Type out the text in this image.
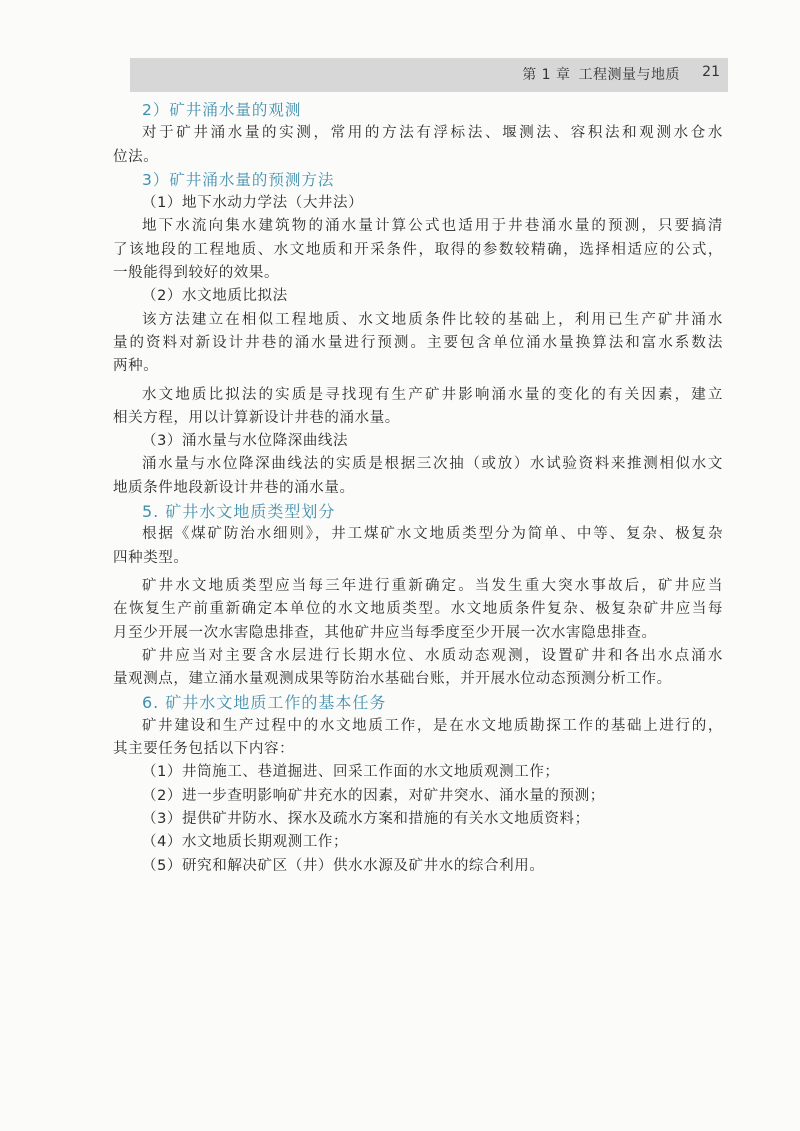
第 1 章 工程测量与地质 21
2）矿井涌水量的观测
对于矿井涌水量的实测，常用的方法有浮标法、堰测法、容积法和观测水仓水
位法。
3）矿井涌水量的预测方法
（1）地下水动力学法（大井法）
地下水流向集水建筑物的涌水量计算公式也适用于井巷涌水量的预测，只要搞清
了该地段的工程地质、水文地质和开采条件，取得的参数较精确，选择相适应的公式，
一般能得到较好的效果。
（2）水文地质比拟法
该方法建立在相似工程地质、水文地质条件比较的基础上，利用已生产矿井涌水
量的资料对新设计井巷的涌水量进行预测。主要包含单位涌水量换算法和富水系数法
两种。
水文地质比拟法的实质是寻找现有生产矿井影响涌水量的变化的有关因素，建立
相关方程，用以计算新设计井巷的涌水量。
（3）涌水量与水位降深曲线法
涌水量与水位降深曲线法的实质是根据三次抽（或放）水试验资料来推测相似水文
地质条件地段新设计井巷的涌水量。
5. 矿井水文地质类型划分
根据《煤矿防治水细则》，井工煤矿水文地质类型分为简单、中等、复杂、极复杂
四种类型。
矿井水文地质类型应当每三年进行重新确定。当发生重大突水事故后，矿井应当
在恢复生产前重新确定本单位的水文地质类型。水文地质条件复杂、极复杂矿井应当每
月至少开展一次水害隐患排查，其他矿井应当每季度至少开展一次水害隐患排查。
矿井应当对主要含水层进行长期水位、水质动态观测，设置矿井和各出水点涌水
量观测点，建立涌水量观测成果等防治水基础台账，并开展水位动态预测分析工作。
6. 矿井水文地质工作的基本任务
矿井建设和生产过程中的水文地质工作，是在水文地质勘探工作的基础上进行的，
其主要任务包括以下内容：
（1）井筒施工、巷道掘进、回采工作面的水文地质观测工作；
（2）进一步查明影响矿井充水的因素，对矿井突水、涌水量的预测；
（3）提供矿井防水、探水及疏水方案和措施的有关水文地质资料；
（4）水文地质长期观测工作；
（5）研究和解决矿区（井）供水水源及矿井水的综合利用。
